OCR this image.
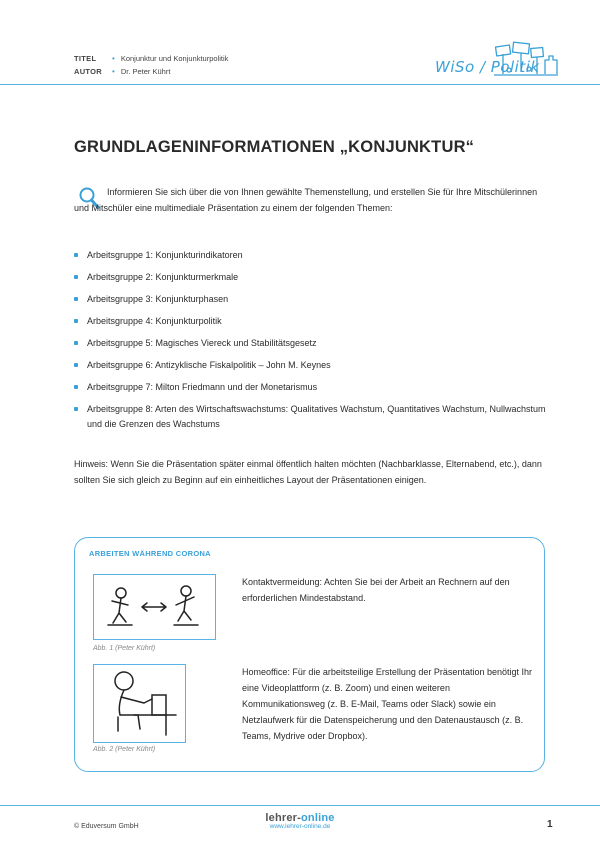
TITEL	• Konjunktur und Konjunkturpolitik
AUTOR	• Dr. Peter Kührt	WiSo / Politik
GRUNDLAGENINFORMATIONEN „KONJUNKTUR“

Informieren Sie sich über die von Ihnen gewählte Themenstellung, und erstellen Sie für Ihre Mitschülerinnen und Mitschüler eine multimediale Präsentation zu einem der folgenden Themen:

Arbeitsgruppe 1: Konjunkturindikatoren
Arbeitsgruppe 2: Konjunkturmerkmale
Arbeitsgruppe 3: Konjunkturphasen
Arbeitsgruppe 4: Konjunkturpolitik
Arbeitsgruppe 5: Magisches Viereck und Stabilitätsgesetz
Arbeitsgruppe 6: Antizyklische Fiskalpolitik – John M. Keynes
Arbeitsgruppe 7: Milton Friedmann und der Monetarismus
Arbeitsgruppe 8: Arten des Wirtschaftswachstums: Qualitatives Wachstum, Quantitatives Wachstum, Nullwachstum und die Grenzen des Wachstums

Hinweis: Wenn Sie die Präsentation später einmal öffentlich halten möchten (Nachbarklasse, Elternabend, etc.), dann sollten Sie sich gleich zu Beginn auf ein einheitliches Layout der Präsentationen einigen.

ARBEITEN WÄHREND CORONA
Abb. 1 (Peter Kührt)
Abb. 2 (Peter Kührt)

Kontaktvermeidung: Achten Sie bei der Arbeit an Rechnern auf den erforderlichen Mindestabstand.

Homeoffice: Für die arbeitsteilige Erstellung der Präsentation benötigt Ihr eine Videoplattform (z. B. Zoom) und einen weiteren Kommunikationsweg (z. B. E-Mail, Teams oder Slack) sowie ein Netzlaufwerk für die Datenspeicherung und den Datenaustausch (z. B. Teams, Mydrive oder Dropbox).

© Eduversum GmbH
lehrer-online
www.lehrer-online.de	1
